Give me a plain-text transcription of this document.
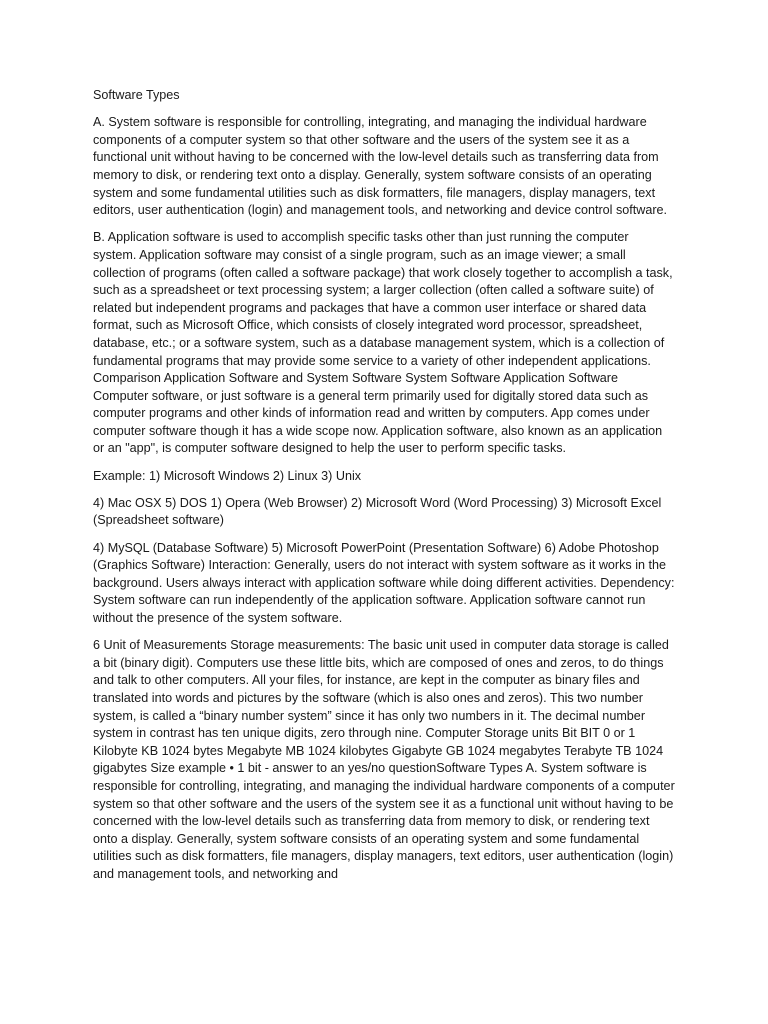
Software Types

A. System software is responsible for controlling, integrating, and managing the individual hardware components of a computer system so that other software and the users of the system see it as a functional unit without having to be concerned with the low-level details such as transferring data from memory to disk, or rendering text onto a display. Generally, system software consists of an operating system and some fundamental utilities such as disk formatters, file managers, display managers, text editors, user authentication (login) and management tools, and networking and device control software.

B. Application software is used to accomplish specific tasks other than just running the computer system. Application software may consist of a single program, such as an image viewer; a small collection of programs (often called a software package) that work closely together to accomplish a task, such as a spreadsheet or text processing system; a larger collection (often called a software suite) of related but independent programs and packages that have a common user interface or shared data format, such as Microsoft Office, which consists of closely integrated word processor, spreadsheet, database, etc.; or a software system, such as a database management system, which is a collection of fundamental programs that may provide some service to a variety of other independent applications. Comparison Application Software and System Software System Software Application Software Computer software, or just software is a general term primarily used for digitally stored data such as computer programs and other kinds of information read and written by computers. App comes under computer software though it has a wide scope now. Application software, also known as an application or an "app", is computer software designed to help the user to perform specific tasks.

Example: 1) Microsoft Windows 2) Linux 3) Unix

4) Mac OSX 5) DOS 1) Opera (Web Browser) 2) Microsoft Word (Word Processing) 3) Microsoft Excel (Spreadsheet software)

4) MySQL (Database Software) 5) Microsoft PowerPoint (Presentation Software) 6) Adobe Photoshop (Graphics Software) Interaction: Generally, users do not interact with system software as it works in the background. Users always interact with application software while doing different activities. Dependency: System software can run independently of the application software. Application software cannot run without the presence of the system software.

6 Unit of Measurements Storage measurements: The basic unit used in computer data storage is called a bit (binary digit). Computers use these little bits, which are composed of ones and zeros, to do things and talk to other computers. All your files, for instance, are kept in the computer as binary files and translated into words and pictures by the software (which is also ones and zeros). This two number system, is called a “binary number system” since it has only two numbers in it. The decimal number system in contrast has ten unique digits, zero through nine. Computer Storage units Bit BIT 0 or 1 Kilobyte KB 1024 bytes Megabyte MB 1024 kilobytes Gigabyte GB 1024 megabytes Terabyte TB 1024 gigabytes Size example • 1 bit - answer to an yes/no questionSoftware Types A. System software is responsible for controlling, integrating, and managing the individual hardware components of a computer system so that other software and the users of the system see it as a functional unit without having to be concerned with the low-level details such as transferring data from memory to disk, or rendering text onto a display. Generally, system software consists of an operating system and some fundamental utilities such as disk formatters, file managers, display managers, text editors, user authentication (login) and management tools, and networking and
